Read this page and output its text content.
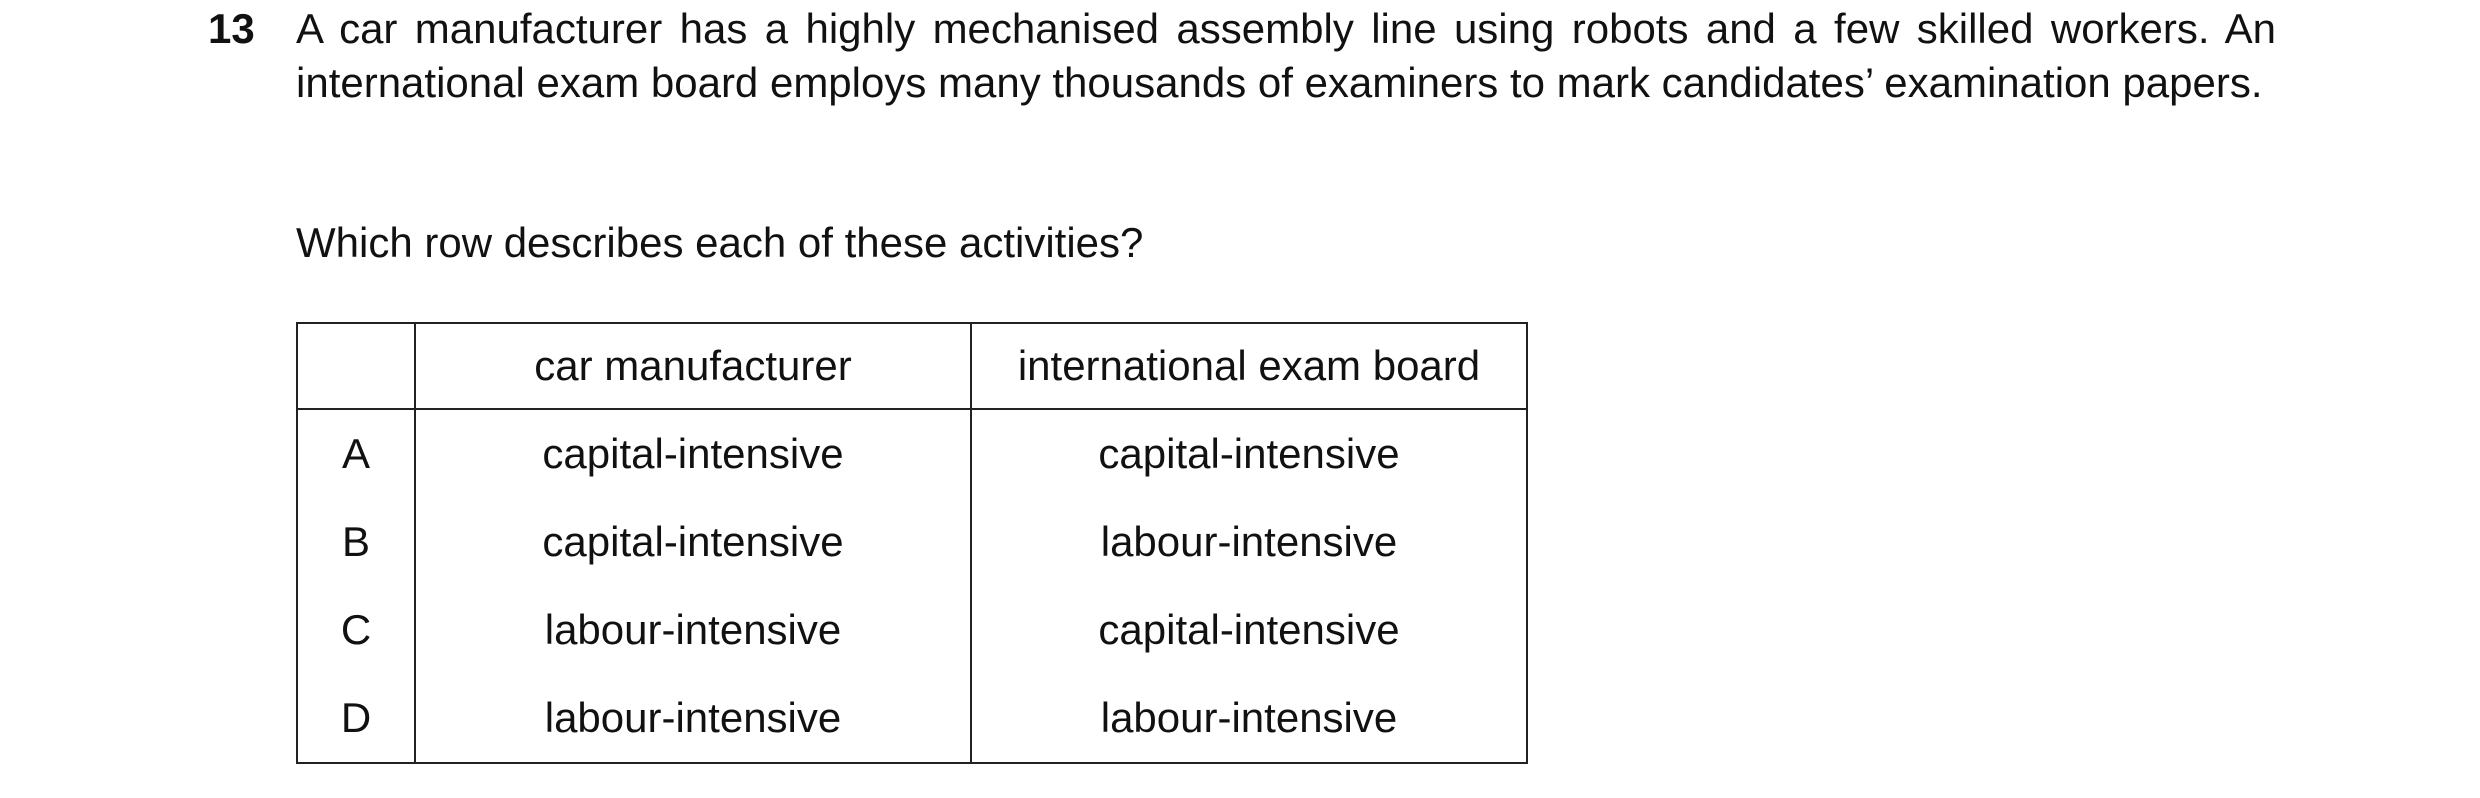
13 A car manufacturer has a highly mechanised assembly line using robots and a few skilled workers. An international exam board employs many thousands of examiners to mark candidates’ examination papers.
Which row describes each of these activities?
	car manufacturer	international exam board
A	capital-intensive	capital-intensive
B	capital-intensive	labour-intensive
C	labour-intensive	capital-intensive
D	labour-intensive	labour-intensive
